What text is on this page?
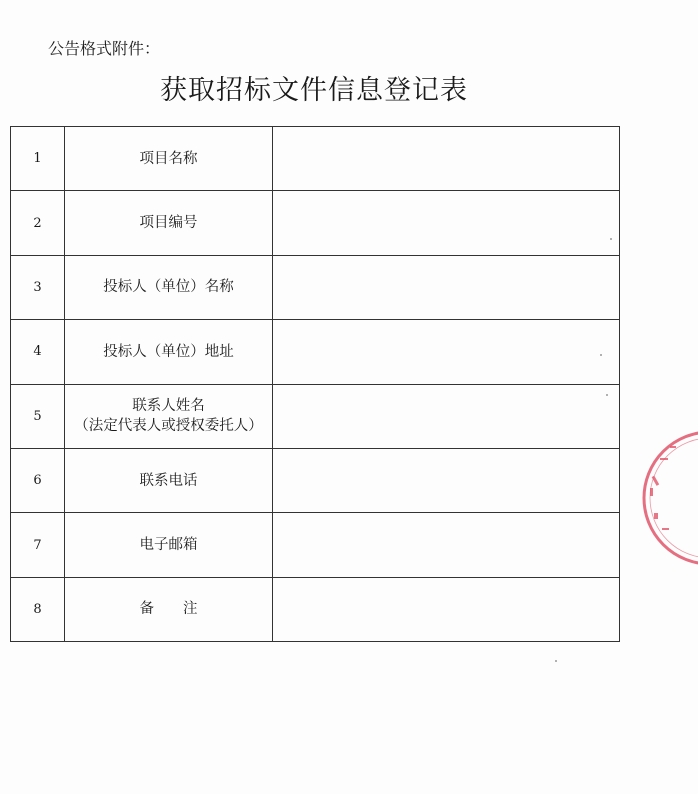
公告格式附件：
获取招标文件信息登记表
1	项目名称	
2	项目编号	
3	投标人（单位）名称	
4	投标人（单位）地址	
5	联系人姓名
（法定代表人或授权委托人）	

6	联系电话	
7	电子邮箱	
8	备　　注	
